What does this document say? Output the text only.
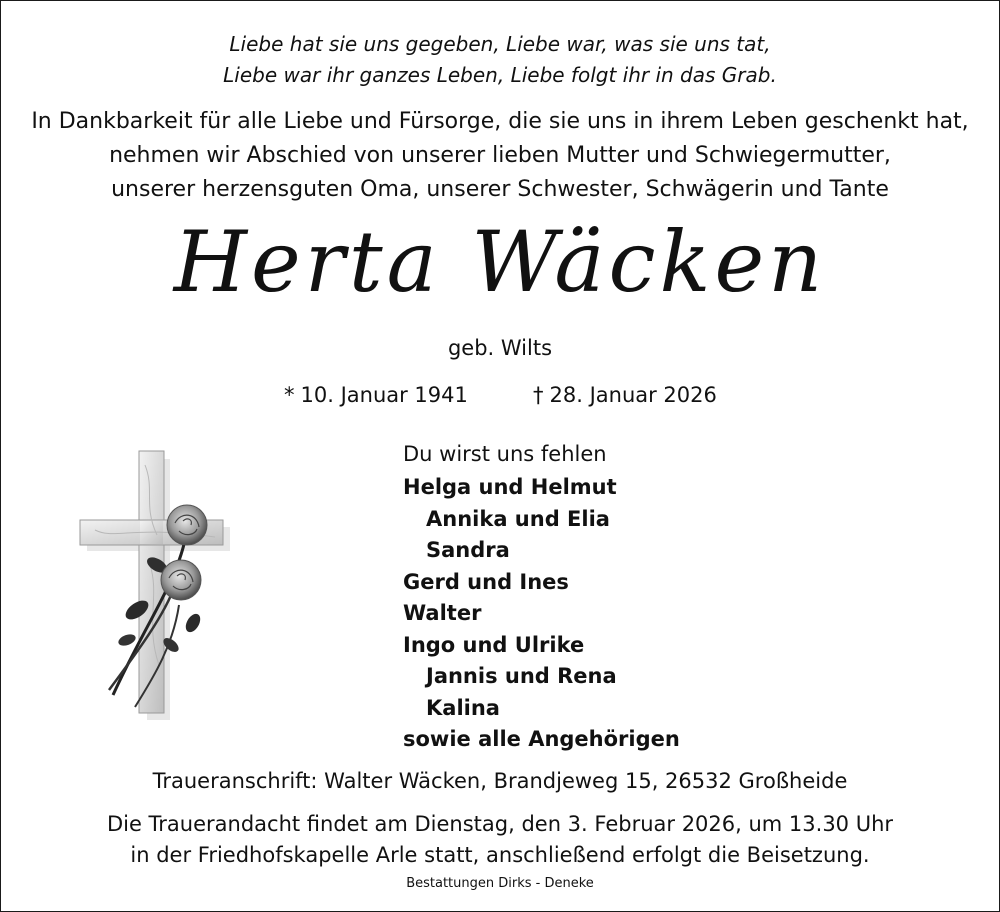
Liebe hat sie uns gegeben, Liebe war, was sie uns tat,
Liebe war ihr ganzes Leben, Liebe folgt ihr in das Grab.
In Dankbarkeit für alle Liebe und Fürsorge, die sie uns in ihrem Leben geschenkt hat,
nehmen wir Abschied von unserer lieben Mutter und Schwiegermutter,
unserer herzensguten Oma, unserer Schwester, Schwägerin und Tante
Herta Wäcken
geb. Wilts
* 10. Januar 1941	† 28. Januar 2026
Du wirst uns fehlen
Helga und Helmut
Annika und Elia
Sandra
Gerd und Ines
Walter
Ingo und Ulrike
Jannis und Rena
Kalina
sowie alle Angehörigen
Traueranschrift: Walter Wäcken, Brandjeweg 15, 26532 Großheide
Die Trauerandacht findet am Dienstag, den 3. Februar 2026, um 13.30 Uhr
in der Friedhofskapelle Arle statt, anschließend erfolgt die Beisetzung.
Bestattungen Dirks - Deneke
